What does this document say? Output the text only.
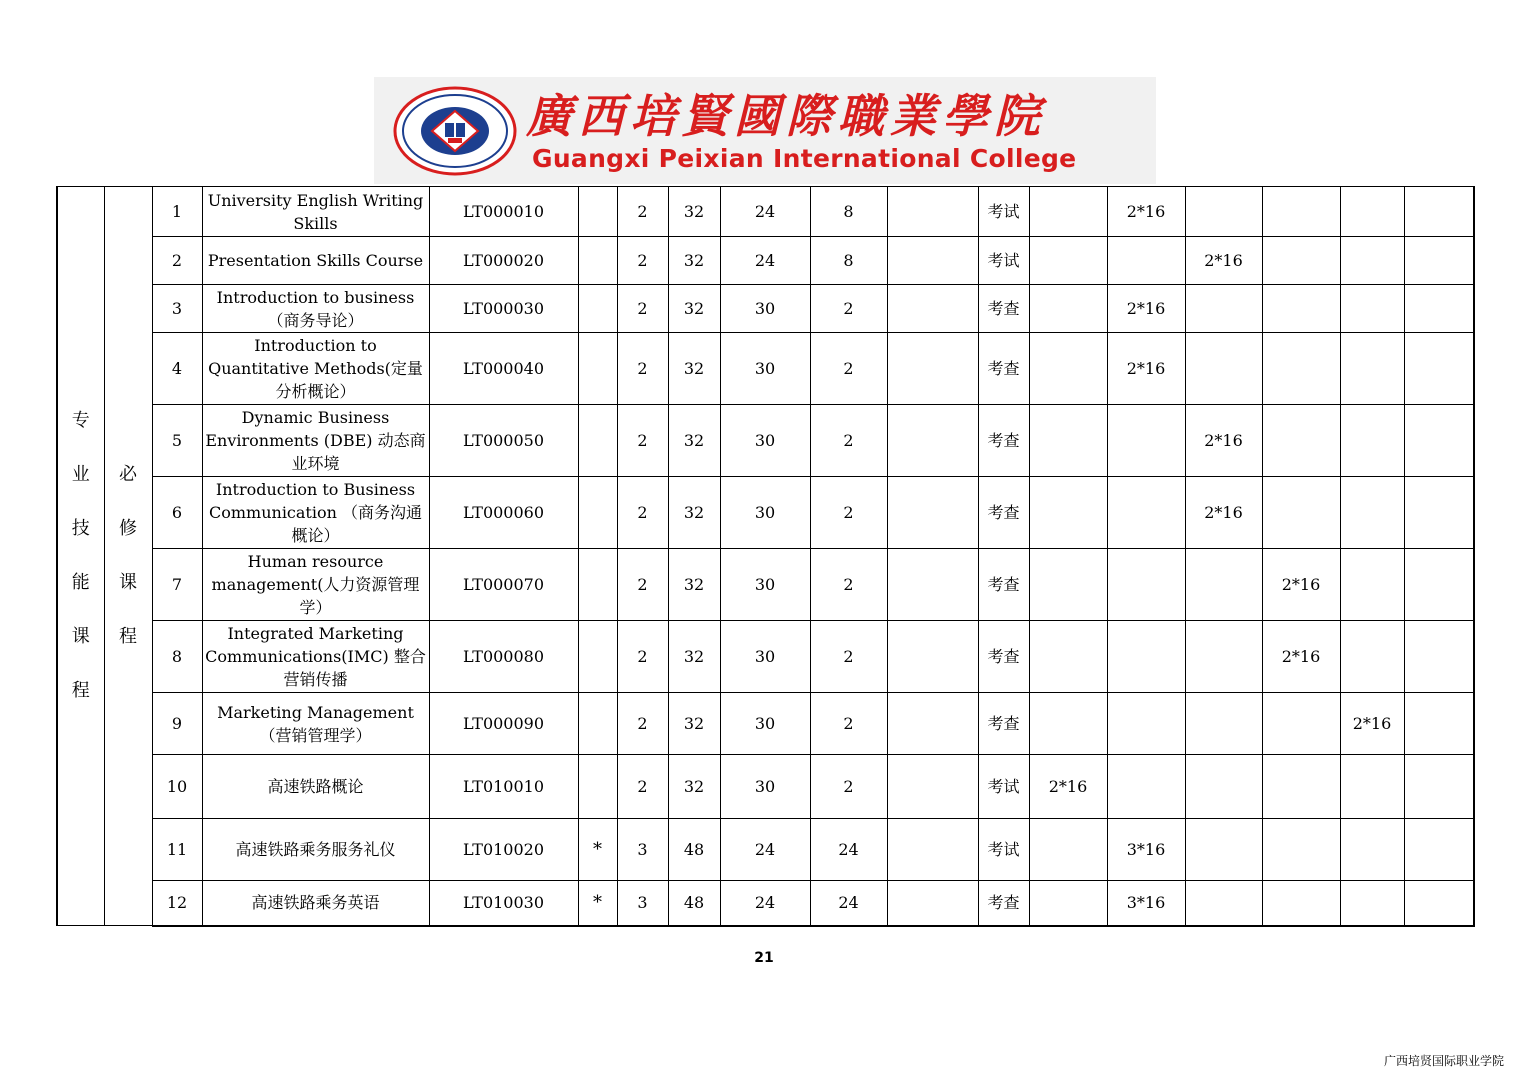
廣西培賢國際職業學院
Guangxi Peixian International College
专业技能课程	必修课程	1	University English Writing Skills	LT000010		2	32	24	8		考试		2*16				
		2	Presentation Skills Course	LT000020		2	32	24	8		考试			2*16			
		3	Introduction to business（商务导论）	LT000030		2	32	30	2		考查		2*16				
		4	Introduction to Quantitative Methods(定量分析概论）	LT000040		2	32	30	2		考查		2*16				
		5	Dynamic Business Environments (DBE) 动态商业环境	LT000050		2	32	30	2		考查			2*16			
		6	Introduction to Business Communication （商务沟通概论）	LT000060		2	32	30	2		考查			2*16			
		7	Human resource management(人力资源管理学）	LT000070		2	32	30	2		考查				2*16		
		8	Integrated Marketing Communications(IMC) 整合营销传播	LT000080		2	32	30	2		考查				2*16		
		9	Marketing Management（营销管理学）	LT000090		2	32	30	2		考查					2*16	
		10	高速铁路概论	LT010010		2	32	30	2		考试	2*16					
		11	高速铁路乘务服务礼仪	LT010020	*	3	48	24	24		考试		3*16				
		12	高速铁路乘务英语	LT010030	*	3	48	24	24		考查		3*16				
21
广西培贤国际职业学院
